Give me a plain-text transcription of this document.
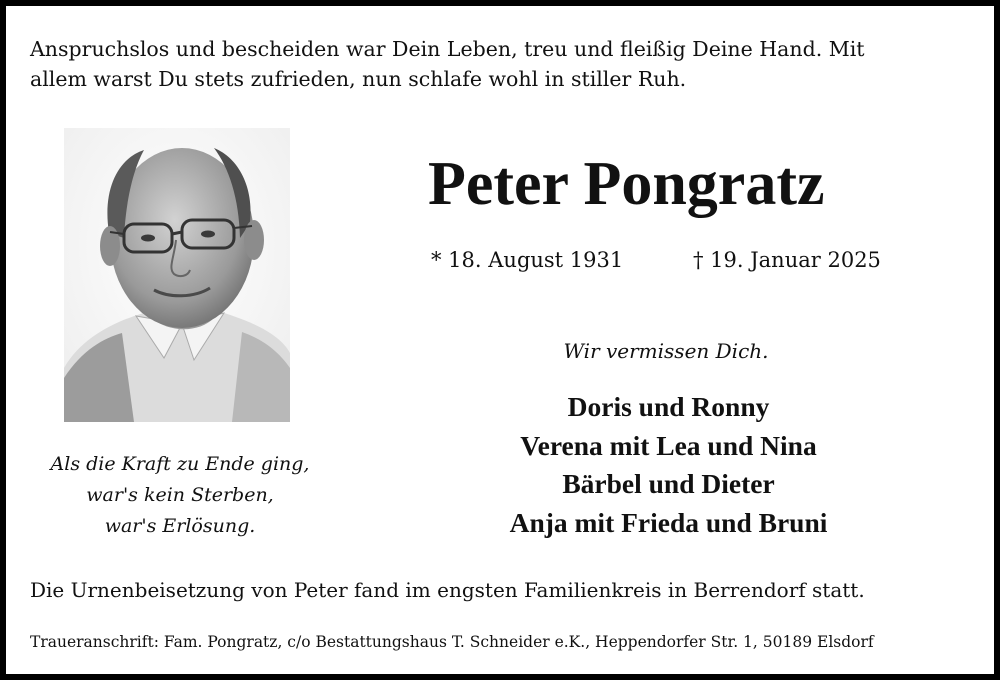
Anspruchslos und bescheiden war Dein Leben, treu und fleißig Deine Hand. Mit
allem warst Du stets zufrieden, nun schlafe wohl in stiller Ruh.
Peter Pongratz
* 18. August 1931	† 19. Januar 2025
Wir vermissen Dich.
Doris und Ronny
Verena mit Lea und Nina
Bärbel und Dieter
Anja mit Frieda und Bruni
Als die Kraft zu Ende ging,
war's kein Sterben,
war's Erlösung.
Die Urnenbeisetzung von Peter fand im engsten Familienkreis in Berrendorf statt.
Traueranschrift: Fam. Pongratz, c/o Bestattungshaus T. Schneider e.K., Heppendorfer Str. 1, 50189 Elsdorf
